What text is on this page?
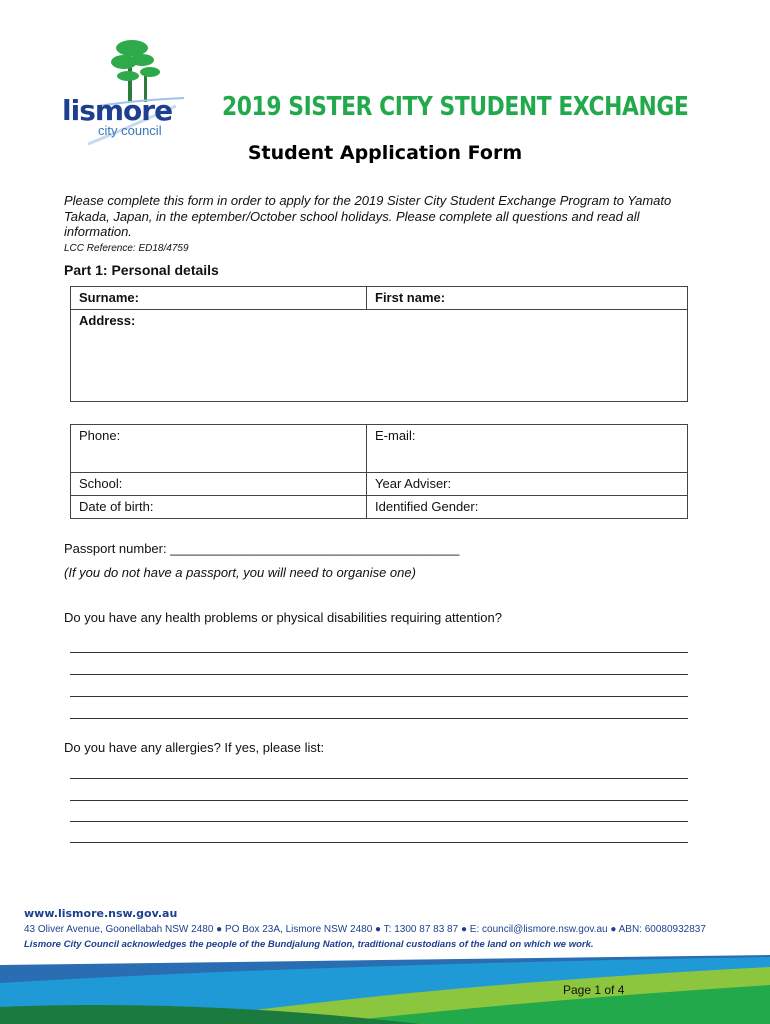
lismore
city council
2019 SISTER CITY STUDENT EXCHANGE
Student Application Form
Please complete this form in order to apply for the 2019 Sister City Student Exchange Program to Yamato Takada, Japan, in the eptember/October school holidays. Please complete all questions and read all information.
LCC Reference: ED18/4759
Part 1: Personal details
Surname:	First name:
Address:
Phone:	E-mail:
School:	Year Adviser:
Date of birth:	Identified Gender:
Passport number: ________________________________________
(If you do not have a passport, you will need to organise one)
Do you have any health problems or physical disabilities requiring attention?
Do you have any allergies? If yes, please list:
www.lismore.nsw.gov.au
43 Oliver Avenue, Goonellabah NSW 2480 ● PO Box 23A, Lismore NSW 2480 ● T: 1300 87 83 87 ● E: council@lismore.nsw.gov.au ● ABN: 60080932837
Lismore City Council acknowledges the people of the Bundjalung Nation, traditional custodians of the land on which we work.
Page 1 of 4
